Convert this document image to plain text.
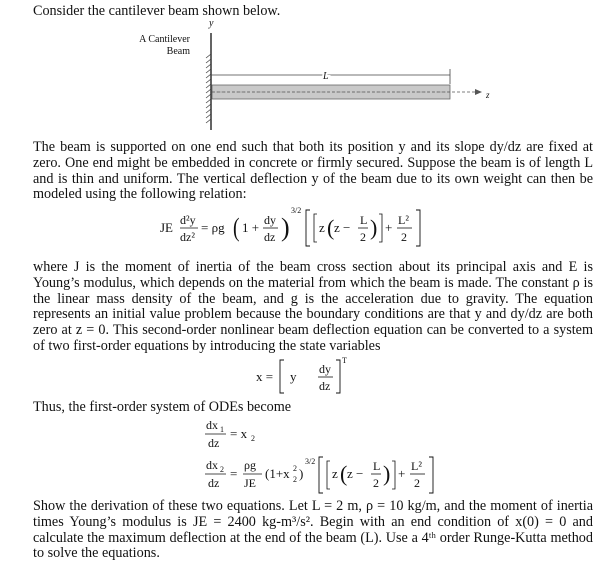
Consider the cantilever beam shown below.
y
A Cantilever
Beam
L
z
The beam is supported on one end such that both its position y and its slope dy/dz are fixed at zero. One end might be embedded in concrete or firmly secured. Suppose the beam is of length L and is thin and uniform. The vertical deflection y of the beam due to its own weight can then be modeled using the following relation:
JE d²y
dz²
= ρg ( 1 + dy
dz )
3/2
z ( z − L
2 ) + L²
2
where J is the moment of inertia of the beam cross section about its principal axis and E is Young’s modulus, which depends on the material from which the beam is made. The constant ρ is the linear mass density of the beam, and g is the acceleration due to gravity. The equation represents an initial value problem because the boundary conditions are that y and dy/dz are both zero at z = 0. This second-order nonlinear beam deflection equation can be converted to a system of two first-order equations by introducing the state variables
x = y dy
dz
T
Thus, the first-order system of ODEs become
dx 1
dz
= x 2
dx 2
dz
=
ρg
JE
(1+x 2
2 )
3/2
z ( z − L
2 ) + L²
2
Show the derivation of these two equations. Let L = 2 m, ρ = 10 kg/m, and the moment of inertia times Young’s modulus is JE = 2400 kg-m³/s². Begin with an end condition of x(0) = 0 and calculate the maximum deflection at the end of the beam (L). Use a 4ᵗʰ order Runge-Kutta method to solve the equations.
